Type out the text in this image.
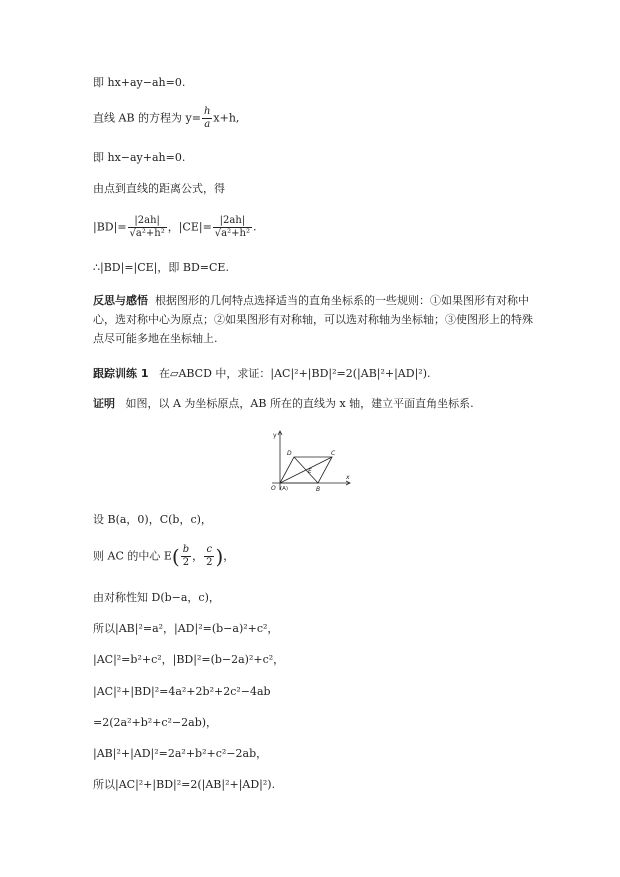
即 hx+ay−ah=0.
直线 AB 的方程为 $y= \frac{h}{a} x+h$,
即 hx−ay+ah=0.
由点到直线的距离公式，得
$|BD|= \frac{|2ah|}{\text{√a²+h²}}$ ，$|CE|= \frac{|2ah|}{\text{√a²+h²}}$ .
∴|BD|=|CE|，即 BD=CE.
反思与感悟 根据图形的几何特点选择适当的直角坐标系的一些规则：①如果图形有对称中心，选对称中心为原点；②如果图形有对称轴，可以选对称轴为坐标轴；③使图形上的特殊点尽可能多地在坐标轴上.
跟踪训练 1 在▱ABCD 中，求证：|AC|²+|BD|²=2(|AB|²+|AD|²).
证明 如图，以 A 为坐标原点，AB 所在的直线为 x 轴，建立平面直角坐标系.
y
x
O (A)	B
C
D
E
设 B(a，0)，C(b，c)，
则 AC 的中心 $E( \frac{b}{2}$ ， $\frac{c}{2}$ )，
由对称性知 D(b−a，c)，
所以|AB|²=a²，|AD|²=(b−a)²+c²，
|AC|²=b²+c²，|BD|²=(b−2a)²+c²，
|AC|²+|BD|²=4a²+2b²+2c²−4ab
=2(2a²+b²+c²−2ab)，
|AB|²+|AD|²=2a²+b²+c²−2ab，
所以|AC|²+|BD|²=2(|AB|²+|AD|²).
